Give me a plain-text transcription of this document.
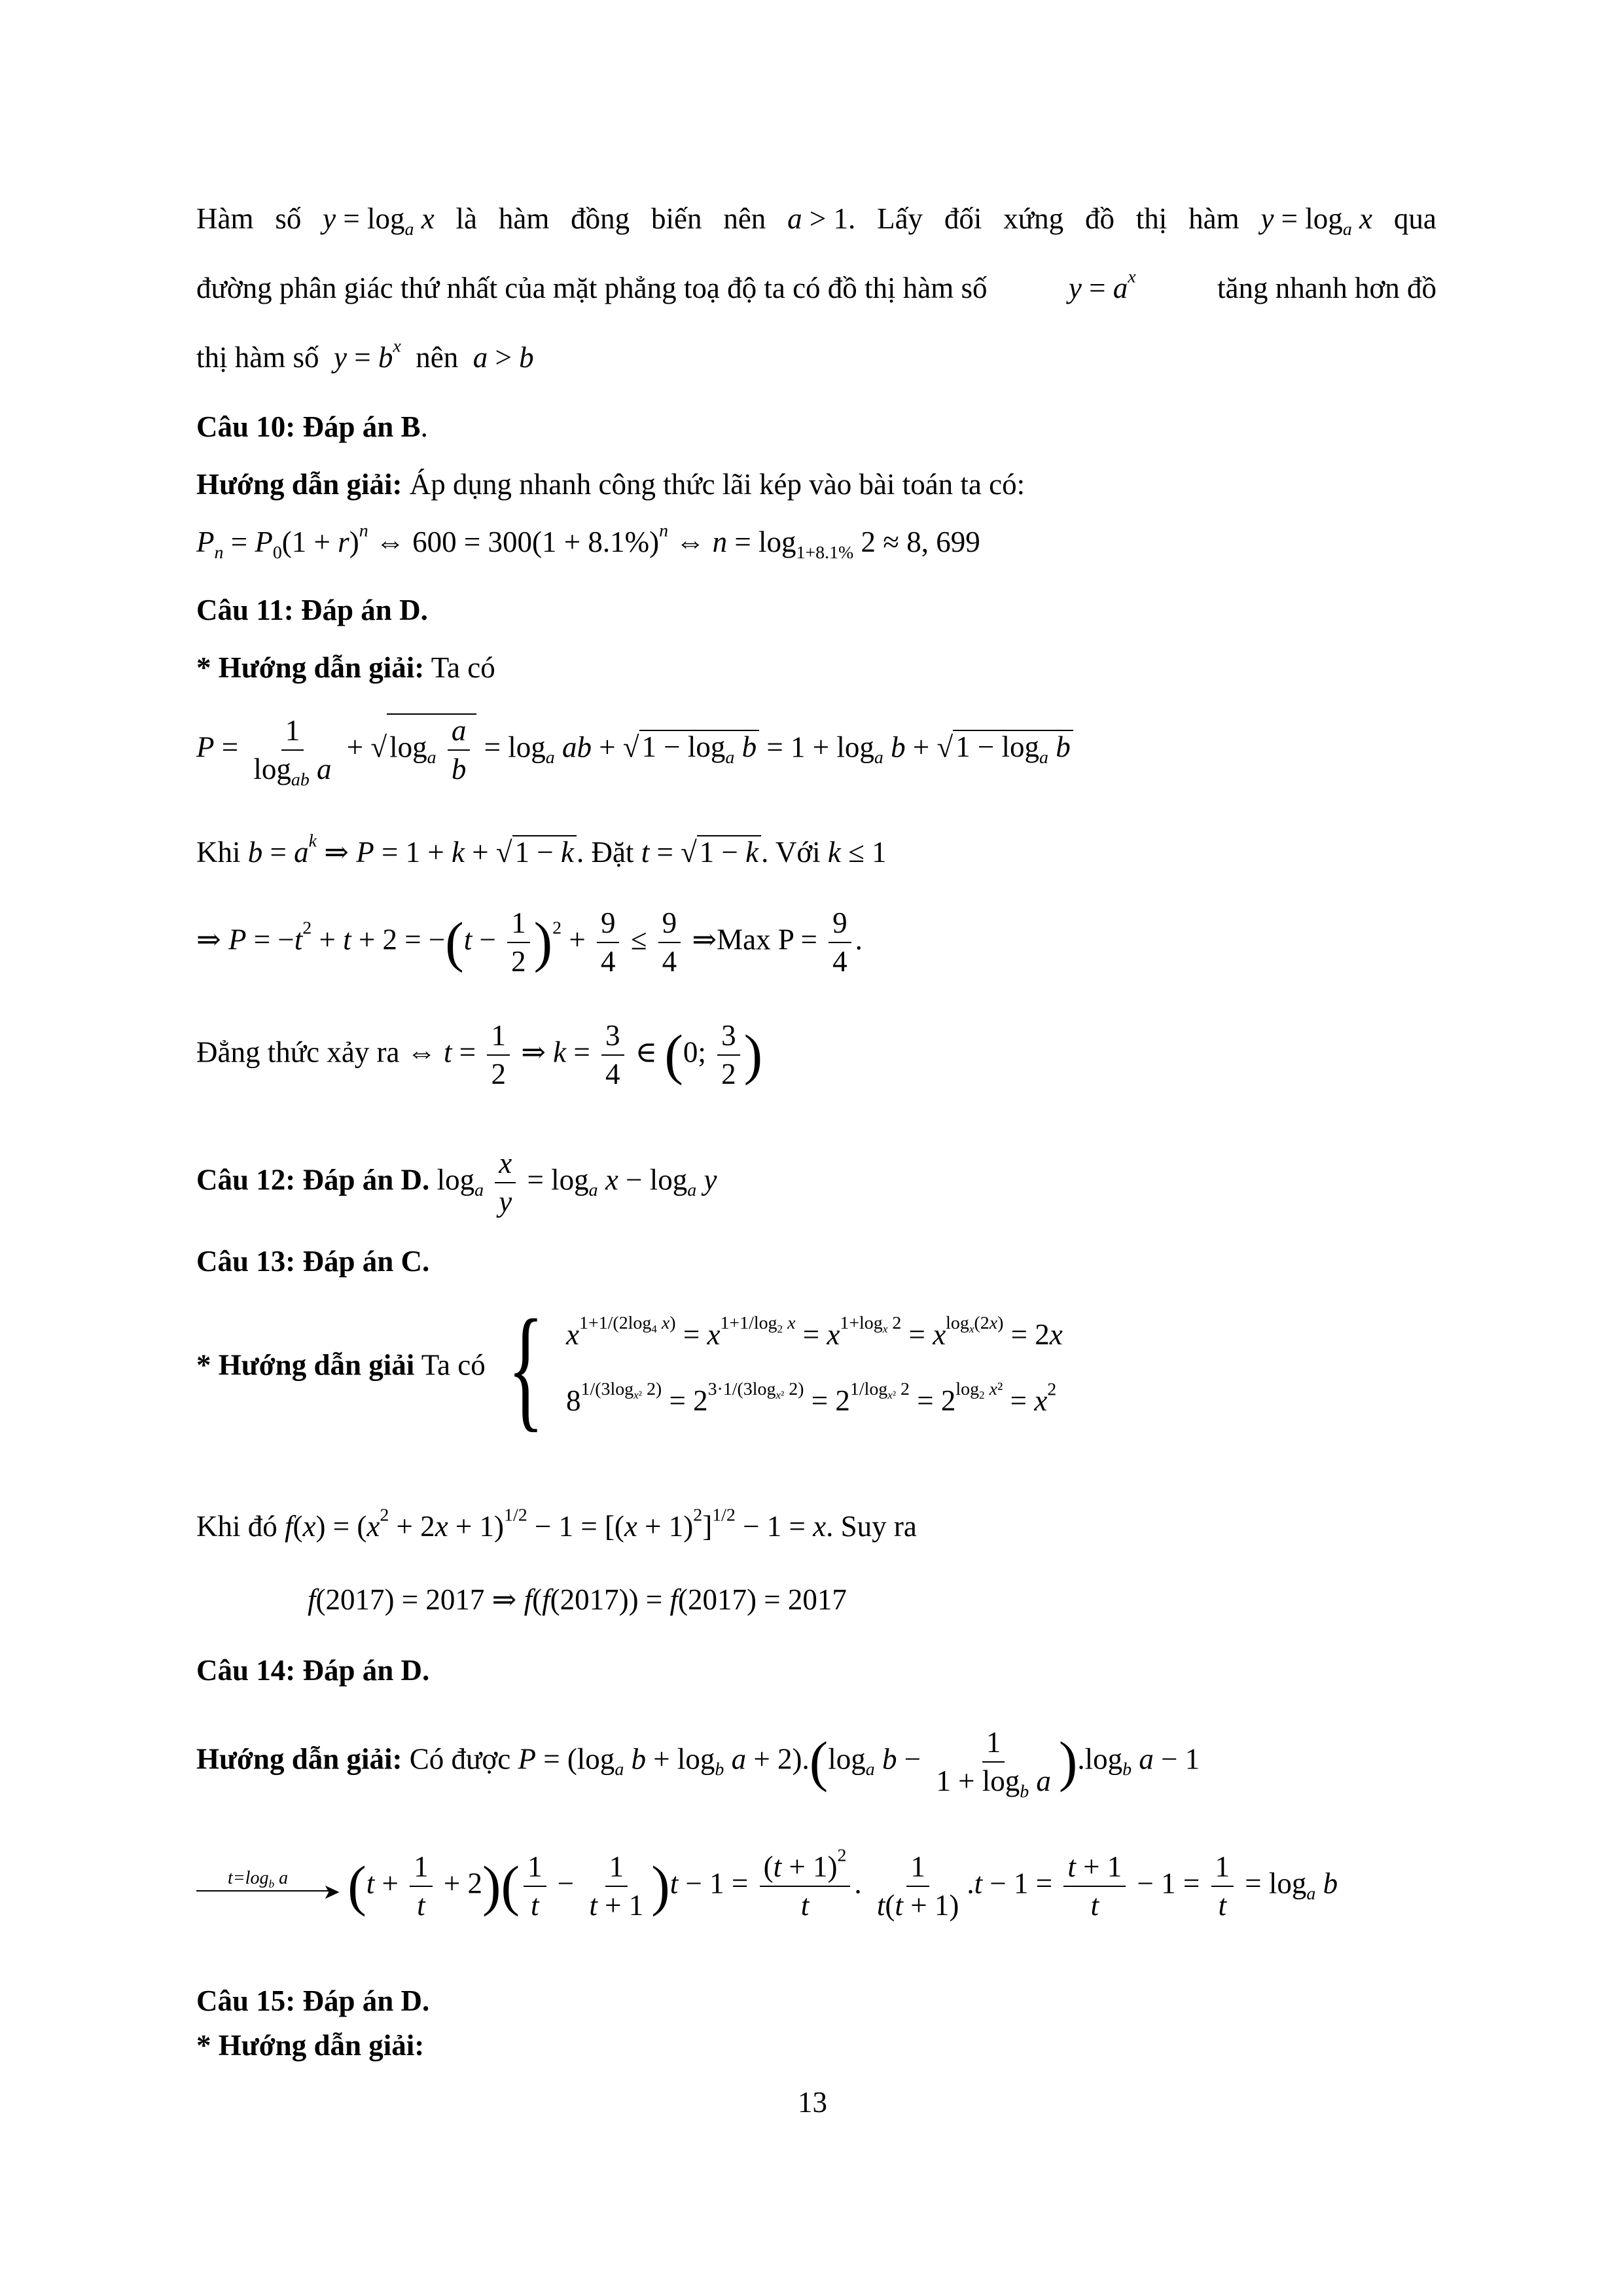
Hàm số $y = \log_a x$ là hàm đồng biến nên a > 1. Lấy đối xứng đồ thị hàm $y = \log_a x$ qua
đường phân giác thứ nhất của mặt phẳng toạ độ ta có đồ thị hàm số	$y = a^x$	tăng nhanh hơn đồ
thị hàm số $y = b^x$ nên a > b
Câu 10: Đáp án B.
Hướng dẫn giải: Áp dụng nhanh công thức lãi kép vào bài toán ta có:
$P_n = P_0(1 + r)^n$ ⇔ $600 = 300(1 + 8.1\%)^n$ ⇔ $n = \log_{1+8.1\%} 2 \approx 8$, 699
Câu 11: Đáp án D.
* Hướng dẫn giải: Ta có
$P = \frac{1}{\log_{ab} a} + √\log_a \frac{a}{b} = \log_a$ ab + $√1 - \log_a b = 1 + \log_a b + √1 - \log_a b$
Khi $b = a^k$ ⇒ P = 1 + k + √1 − k. Đặt t = √1 − k. Với k ≤ 1
⇒ $P = -t^2 + t + 2 = -(t - \frac{1}{2} )^2 + \frac{9}{4} \le \frac{9}{4}$ ⇒Max $P = \frac{9}{4}$ .
Đẳng thức xảy ra ⇔ $t = \frac{1}{2}$ ⇒ $k = \frac{3}{4}$ ∈ (0; $\frac{3}{2}$ )
Câu 12: Đáp án D. $\log_a \frac{x}{y} = \log_a x - \log_a y$
Câu 13: Đáp án C.
* Hướng dẫn giải Ta có { $x^{1+1/(2log_4 x)} = x^{1+1/log_2 x} = x^{1+log_x 2} = x^{log_x(2x)} = 2x$
$8^{1/(3log_{x^2} 2)} = 2^{3\cdot 1/(3log_{x^2} 2)} = 2^{1/log_{x^2} 2} = 2^{log_2 x^2} = x^2$
Khi đó $f(x) = (x^2 + 2x + 1)^{1/2} - 1 = [(x + 1)^2]^{1/2} - 1 = x$. Suy ra
f(2017) = 2017 ⇒ f(f(2017)) = f(2017) = 2017
Câu 14: Đáp án D.
Hướng dẫn giải: Có được $P = (\log_a$ $b + \log_b a + 2).(\log_a$ $b - \frac{1}{1 + \log_b a} ).\log_b$ a − 1
$t=\log_b$ a
➤ $(t + \frac{1}{t} + 2)( \frac{1}{t} - \frac{1}{t + 1} )t - 1 = \frac{(t + 1)^2}{t}$ . $\frac{1}{t(t + 1)} .t - 1 = \frac{t + 1}{t} - 1 = \frac{1}{t} = \log_a b$
Câu 15: Đáp án D.
* Hướng dẫn giải:
13
